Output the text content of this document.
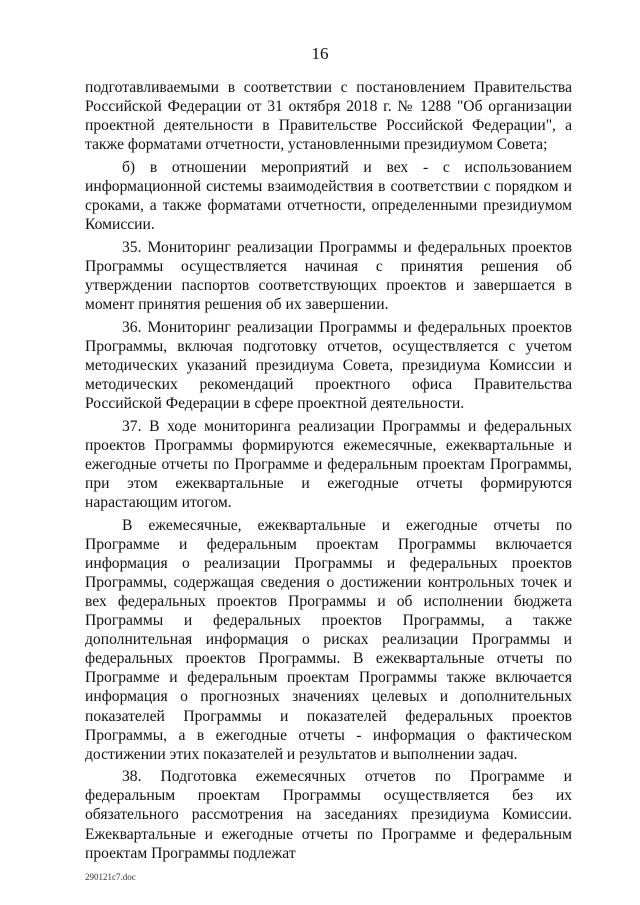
16

подготавливаемыми в соответствии с постановлением Правительства Российской Федерации от 31 октября 2018 г. № 1288 "Об организации проектной деятельности в Правительстве Российской Федерации", а также форматами отчетности, установленными президиумом Совета;

б) в отношении мероприятий и вех - с использованием информационной системы взаимодействия в соответствии с порядком и сроками, а также форматами отчетности, определенными президиумом Комиссии.

35. Мониторинг реализации Программы и федеральных проектов Программы осуществляется начиная с принятия решения об утверждении паспортов соответствующих проектов и завершается в момент принятия решения об их завершении.

36. Мониторинг реализации Программы и федеральных проектов Программы, включая подготовку отчетов, осуществляется с учетом методических указаний президиума Совета, президиума Комиссии и методических рекомендаций проектного офиса Правительства Российской Федерации в сфере проектной деятельности.

37. В ходе мониторинга реализации Программы и федеральных проектов Программы формируются ежемесячные, ежеквартальные и ежегодные отчеты по Программе и федеральным проектам Программы, при этом ежеквартальные и ежегодные отчеты формируются нарастающим итогом.

В ежемесячные, ежеквартальные и ежегодные отчеты по Программе и федеральным проектам Программы включается информация о реализации Программы и федеральных проектов Программы, содержащая сведения о достижении контрольных точек и вех федеральных проектов Программы и об исполнении бюджета Программы и федеральных проектов Программы, а также дополнительная информация о рисках реализации Программы и федеральных проектов Программы. В ежеквартальные отчеты по Программе и федеральным проектам Программы также включается информация о прогнозных значениях целевых и дополнительных показателей Программы и показателей федеральных проектов Программы, а в ежегодные отчеты - информация о фактическом достижении этих показателей и результатов и выполнении задач.

38. Подготовка ежемесячных отчетов по Программе и федеральным проектам Программы осуществляется без их обязательного рассмотрения на заседаниях президиума Комиссии. Ежеквартальные и ежегодные отчеты по Программе и федеральным проектам Программы подлежат

290121c7.doc
